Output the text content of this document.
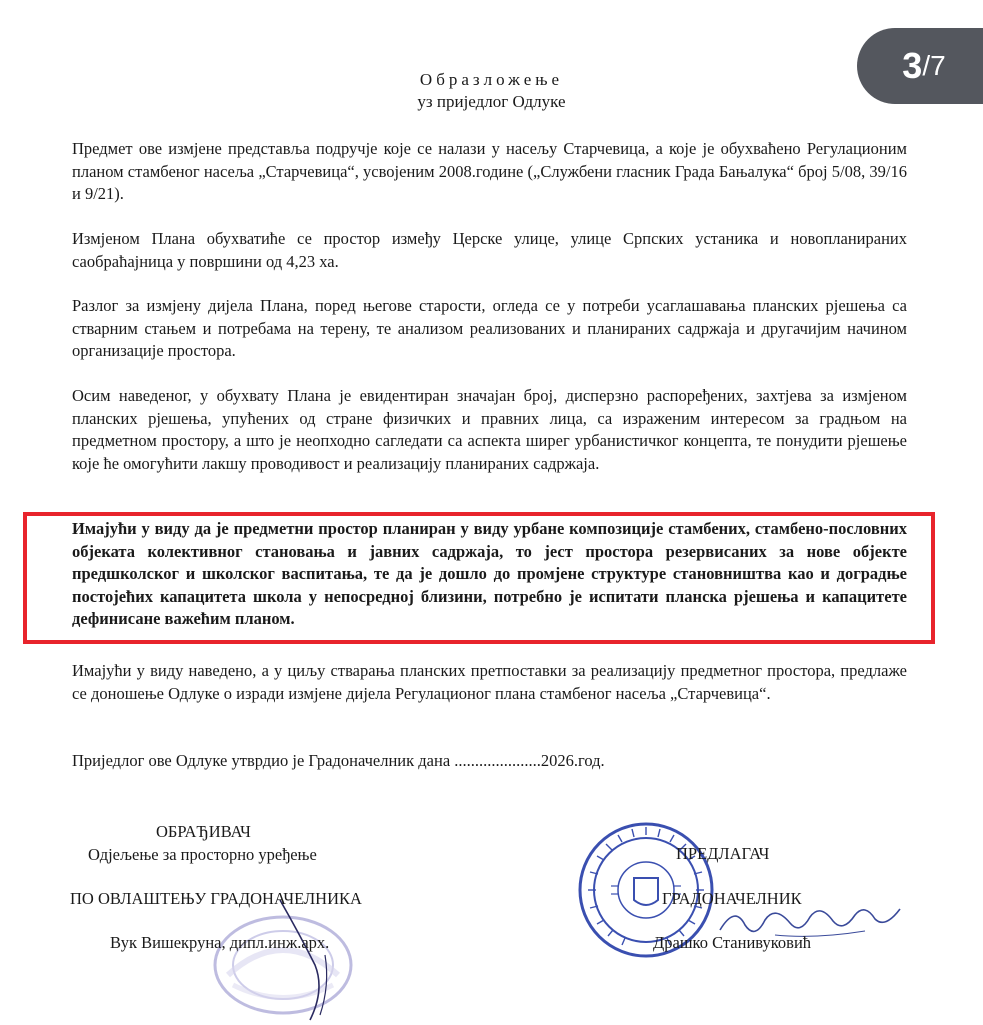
3 / 7
Образложење
уз приједлог Одлуке
Предмет ове измјене представља подручје које се налази у насељу Старчевица, а које је обухваћено Регулационим планом стамбеног насеља „Старчевица“, усвојеним 2008.године („Службени гласник Града Бањалука“ број 5/08, 39/16 и 9/21).
Измјеном Плана обухватиће се простор између Церске улице, улице Српских устаника и новопланираних саобраћајница у површини од 4,23 ха.
Разлог за измјену дијела Плана, поред његове старости, огледа се у потреби усаглашавања планских рјешења са стварним стањем и потребама на терену, те анализом реализованих и планираних садржаја и другачијим начином организације простора.
Осим наведеног, у обухвату Плана је евидентиран значајан број, дисперзно распоређених, захтјева за измјеном планских рјешења, упућених од стране физичких и правних лица, са израженим интересом за градњом на предметном простору, а што је неопходно сагледати са аспекта ширег урбанистичког концепта, те понудити рјешење које ће омогућити лакшу проводивост и реализацију планираних садржаја.
Имајући у виду да је предметни простор планиран у виду урбане композиције стамбених, стамбено-пословних објеката колективног становања и јавних садржаја, то јест простора резервисаних за нове објекте предшколског и школског васпитања, те да је дошло до промјене структуре становништва као и доградње постојећих капацитета школа у непосредној близини, потребно је испитати планска рјешења и капацитете дефинисане важећим планом.
Имајући у виду наведено, а у циљу стварања планских претпоставки за реализацију предметног простора, предлаже се доношење Одлуке о изради измјене дијела Регулационог плана стамбеног насеља „Старчевица“.
Приједлог ове Одлуке утврдио је Градоначелник дана .....................2026.год.
ОБРАЂИВАЧ
Одјељење за просторно уређење
ПО ОВЛАШТЕЊУ ГРАДОНАЧЕЛНИКА
Вук Вишекруна, дипл.инж.арх.
ПРЕДЛАГАЧ
ГРАДОНАЧЕЛНИК
Драшко Станивуковић
